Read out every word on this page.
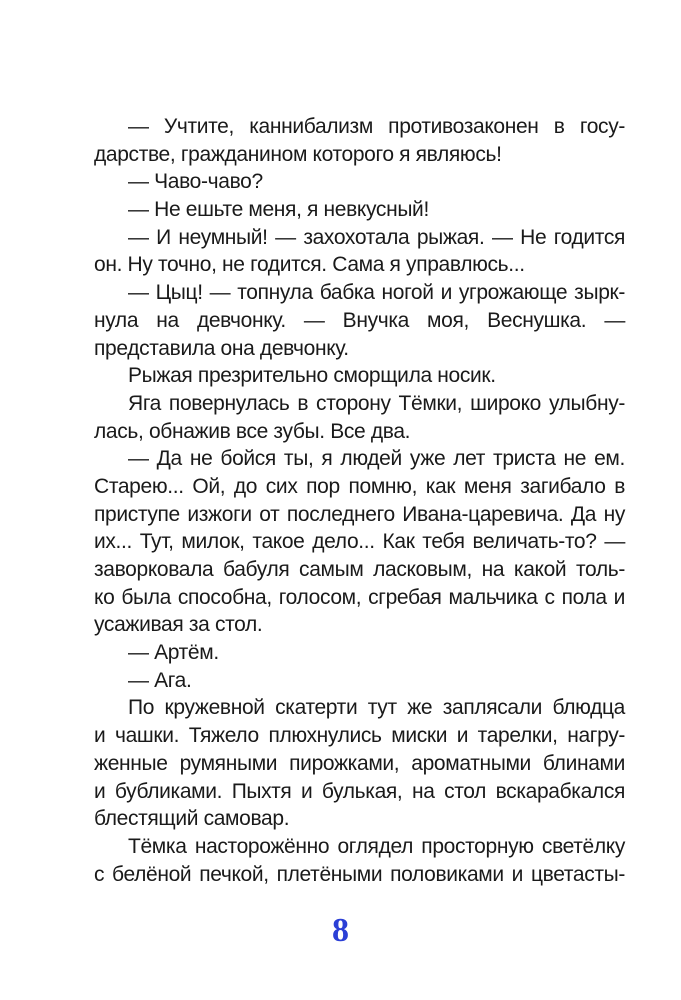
— Учтите, каннибализм противозаконен в госу-
дарстве, гражданином которого я являюсь!
— Чаво-чаво?
— Не ешьте меня, я невкусный!
— И неумный! — захохотала рыжая. — Не годится
он. Ну точно, не годится. Сама я управлюсь...
— Цыц! — топнула бабка ногой и угрожающе зырк-
нула на девчонку. — Внучка моя, Веснушка. —
представила она девчонку.
Рыжая презрительно сморщила носик.
Яга повернулась в сторону Тёмки, широко улыбну-
лась, обнажив все зубы. Все два.
— Да не бойся ты, я людей уже лет триста не ем.
Старею... Ой, до сих пор помню, как меня загибало в
приступе изжоги от последнего Ивана-царевича. Да ну
их... Тут, милок, такое дело... Как тебя величать-то? —
заворковала бабуля самым ласковым, на какой толь-
ко была способна, голосом, сгребая мальчика с пола и
усаживая за стол.
— Артём.
— Ага.
По кружевной скатерти тут же заплясали блюдца
и чашки. Тяжело плюхнулись миски и тарелки, нагру-
женные румяными пирожками, ароматными блинами
и бубликами. Пыхтя и булькая, на стол вскарабкался
блестящий самовар.
Тёмка насторожённо оглядел просторную светёлку
с белёной печкой, плетёными половиками и цветасты-
8
